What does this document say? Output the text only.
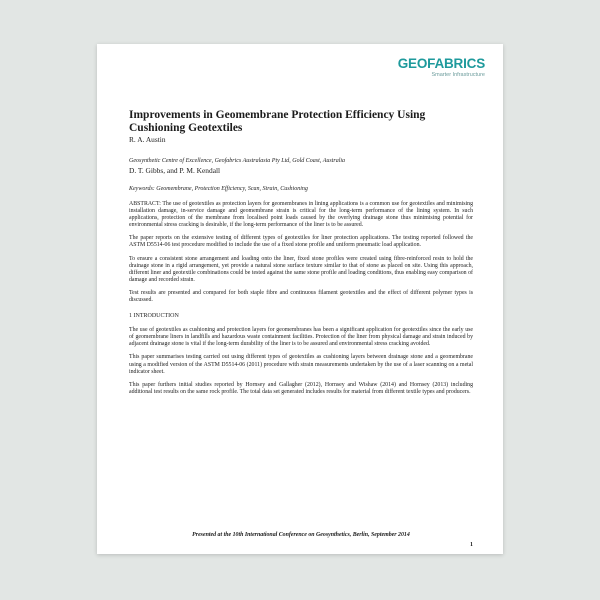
GEOFABRICS
Smarter Infrastructure
Improvements in Geomembrane Protection Efficiency Using Cushioning Geotextiles

R. A. Austin

Geosynthetic Centre of Excellence, Geofabrics Australasia Pty Ltd, Gold Coast, Australia

D. T. Gibbs, and P. M. Kendall

Keywords: Geomembrane, Protection Efficiency, Scan, Strain, Cushioning

ABSTRACT: The use of geotextiles as protection layers for geomembranes in lining applications is a common use for geotextiles and minimising installation damage, in-service damage and geomembrane strain is critical for the long-term performance of the lining system. In such applications, protection of the membrane from localised point loads caused by the overlying drainage stone thus minimising potential for environmental stress cracking is desirable, if the long-term performance of the liner is to be assured.

The paper reports on the extensive testing of different types of geotextiles for liner protection applications. The testing reported followed the ASTM D5514-06 test procedure modified to include the use of a fixed stone profile and uniform pneumatic load application.

To ensure a consistent stone arrangement and loading onto the liner, fixed stone profiles were created using fibre-reinforced resin to hold the drainage stone in a rigid arrangement, yet provide a natural stone surface texture similar to that of stone as placed on site. Using this approach, different liner and geotextile combinations could be tested against the same stone profile and loading conditions, thus enabling easy comparison of damage and recorded strain.

Test results are presented and compared for both staple fibre and continuous filament geotextiles and the effect of different polymer types is discussed.

1 INTRODUCTION

The use of geotextiles as cushioning and protection layers for geomembranes has been a significant application for geotextiles since the early use of geomembrane liners in landfills and hazardous waste containment facilities. Protection of the liner from physical damage and strain induced by adjacent drainage stone is vital if the long-term durability of the liner is to be assured and environmental stress cracking avoided.

This paper summarises testing carried out using different types of geotextiles as cushioning layers between drainage stone and a geomembrane using a modified version of the ASTM D5514-06 (2011) procedure with strain measurements undertaken by the use of a laser scanning on a metal indicator sheet.

This paper furthers initial studies reported by Hornsey and Gallagher (2012), Hornsey and Wishaw (2014) and Hornsey (2013) including additional test results on the same rock profile. The total data set generated includes results for material from different textile types and producers.

Presented at the 10th International Conference on Geosynthetics, Berlin, September 2014
1
